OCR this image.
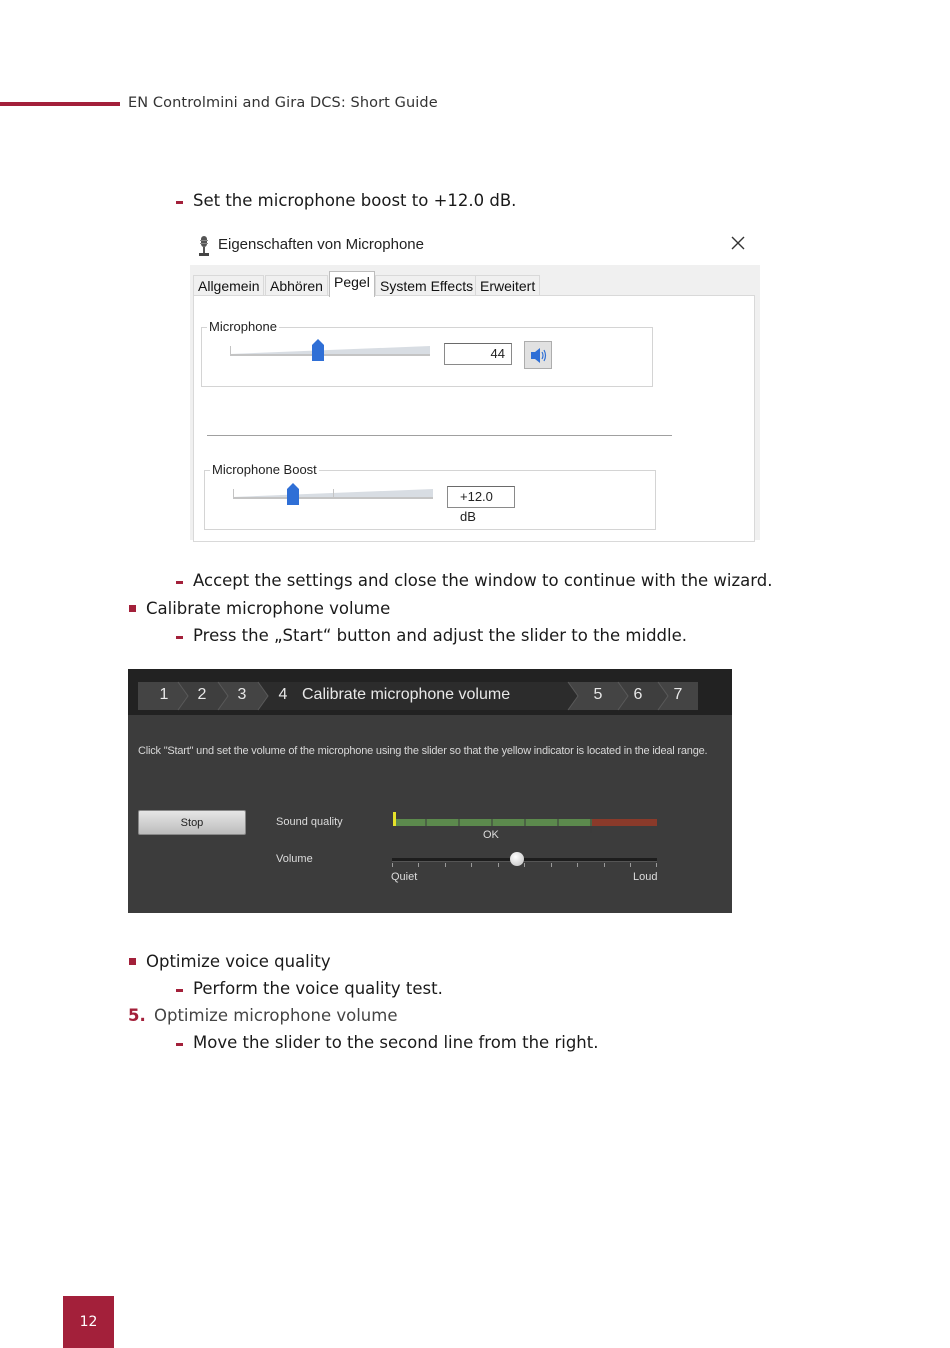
EN Controlmini and Gira DCS: Short Guide
Set the microphone boost to +12.0 dB.
Eigenschaften von Microphone
Allgemein Abhören Pegel System Effects Erweitert
Microphone
44
Microphone Boost
+12.0 dB
Accept the settings and close the window to continue with the wizard.
Calibrate microphone volume
Press the „Start“ button and adjust the slider to the middle.
1 2 3 4 Calibrate microphone volume	5 6 7
Click "Start" und set the volume of the microphone using the slider so that the yellow indicator is located in the ideal range.
Stop	Sound quality
OK
Volume
Quiet	Loud
Optimize voice quality
Perform the voice quality test.
5. Optimize microphone volume
Move the slider to the second line from the right.
12
